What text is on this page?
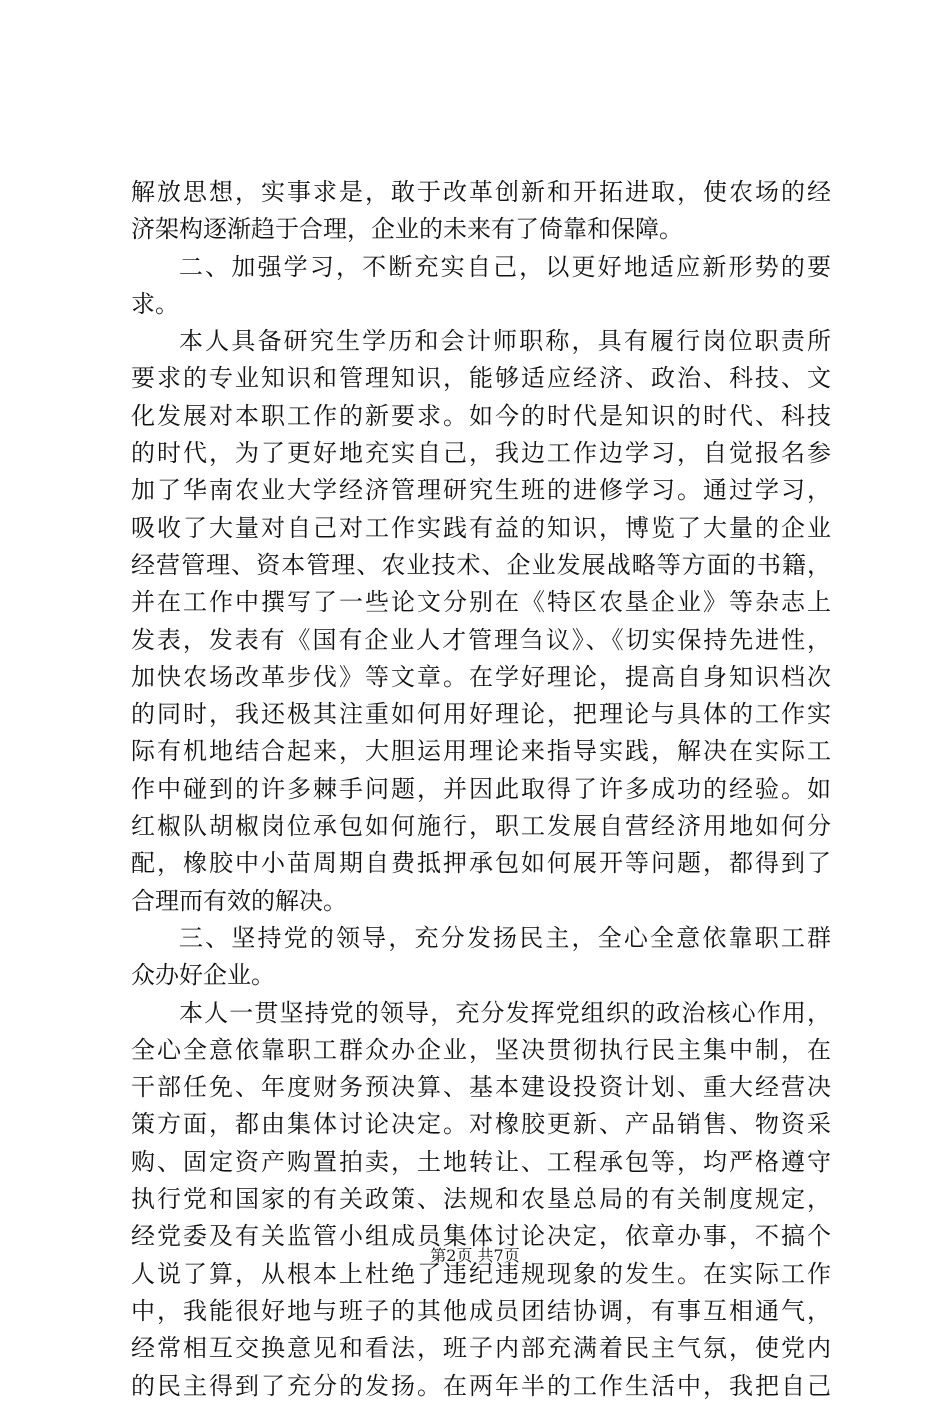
解放思想，实事求是，敢于改革创新和开拓进取，使农场的经
济架构逐渐趋于合理，企业的未来有了倚靠和保障。
二、加强学习，不断充实自己，以更好地适应新形势的要
求。
本人具备研究生学历和会计师职称，具有履行岗位职责所
要求的专业知识和管理知识，能够适应经济、政治、科技、文
化发展对本职工作的新要求。如今的时代是知识的时代、科技
的时代，为了更好地充实自己，我边工作边学习，自觉报名参
加了华南农业大学经济管理研究生班的进修学习。通过学习，
吸收了大量对自己对工作实践有益的知识，博览了大量的企业
经营管理、资本管理、农业技术、企业发展战略等方面的书籍，
并在工作中撰写了一些论文分别在《特区农垦企业》等杂志上
发表，发表有《国有企业人才管理刍议》、《切实保持先进性，
加快农场改革步伐》等文章。在学好理论，提高自身知识档次
的同时，我还极其注重如何用好理论，把理论与具体的工作实
际有机地结合起来，大胆运用理论来指导实践，解决在实际工
作中碰到的许多棘手问题，并因此取得了许多成功的经验。如
红椒队胡椒岗位承包如何施行，职工发展自营经济用地如何分
配，橡胶中小苗周期自费抵押承包如何展开等问题，都得到了
合理而有效的解决。
三、坚持党的领导，充分发扬民主，全心全意依靠职工群
众办好企业。
本人一贯坚持党的领导，充分发挥党组织的政治核心作用，
全心全意依靠职工群众办企业，坚决贯彻执行民主集中制，在
干部任免、年度财务预决算、基本建设投资计划、重大经营决
策方面，都由集体讨论决定。对橡胶更新、产品销售、物资采
购、固定资产购置拍卖，土地转让、工程承包等，均严格遵守
执行党和国家的有关政策、法规和农垦总局的有关制度规定，
经党委及有关监管小组成员集体讨论决定，依章办事，不搞个
人说了算，从根本上杜绝了违纪违规现象的发生。在实际工作
中，我能很好地与班子的其他成员团结协调，有事互相通气，
经常相互交换意见和看法，班子内部充满着民主气氛，使党内
的民主得到了充分的发扬。在两年半的工作生活中，我把自己
第2页 共7页
